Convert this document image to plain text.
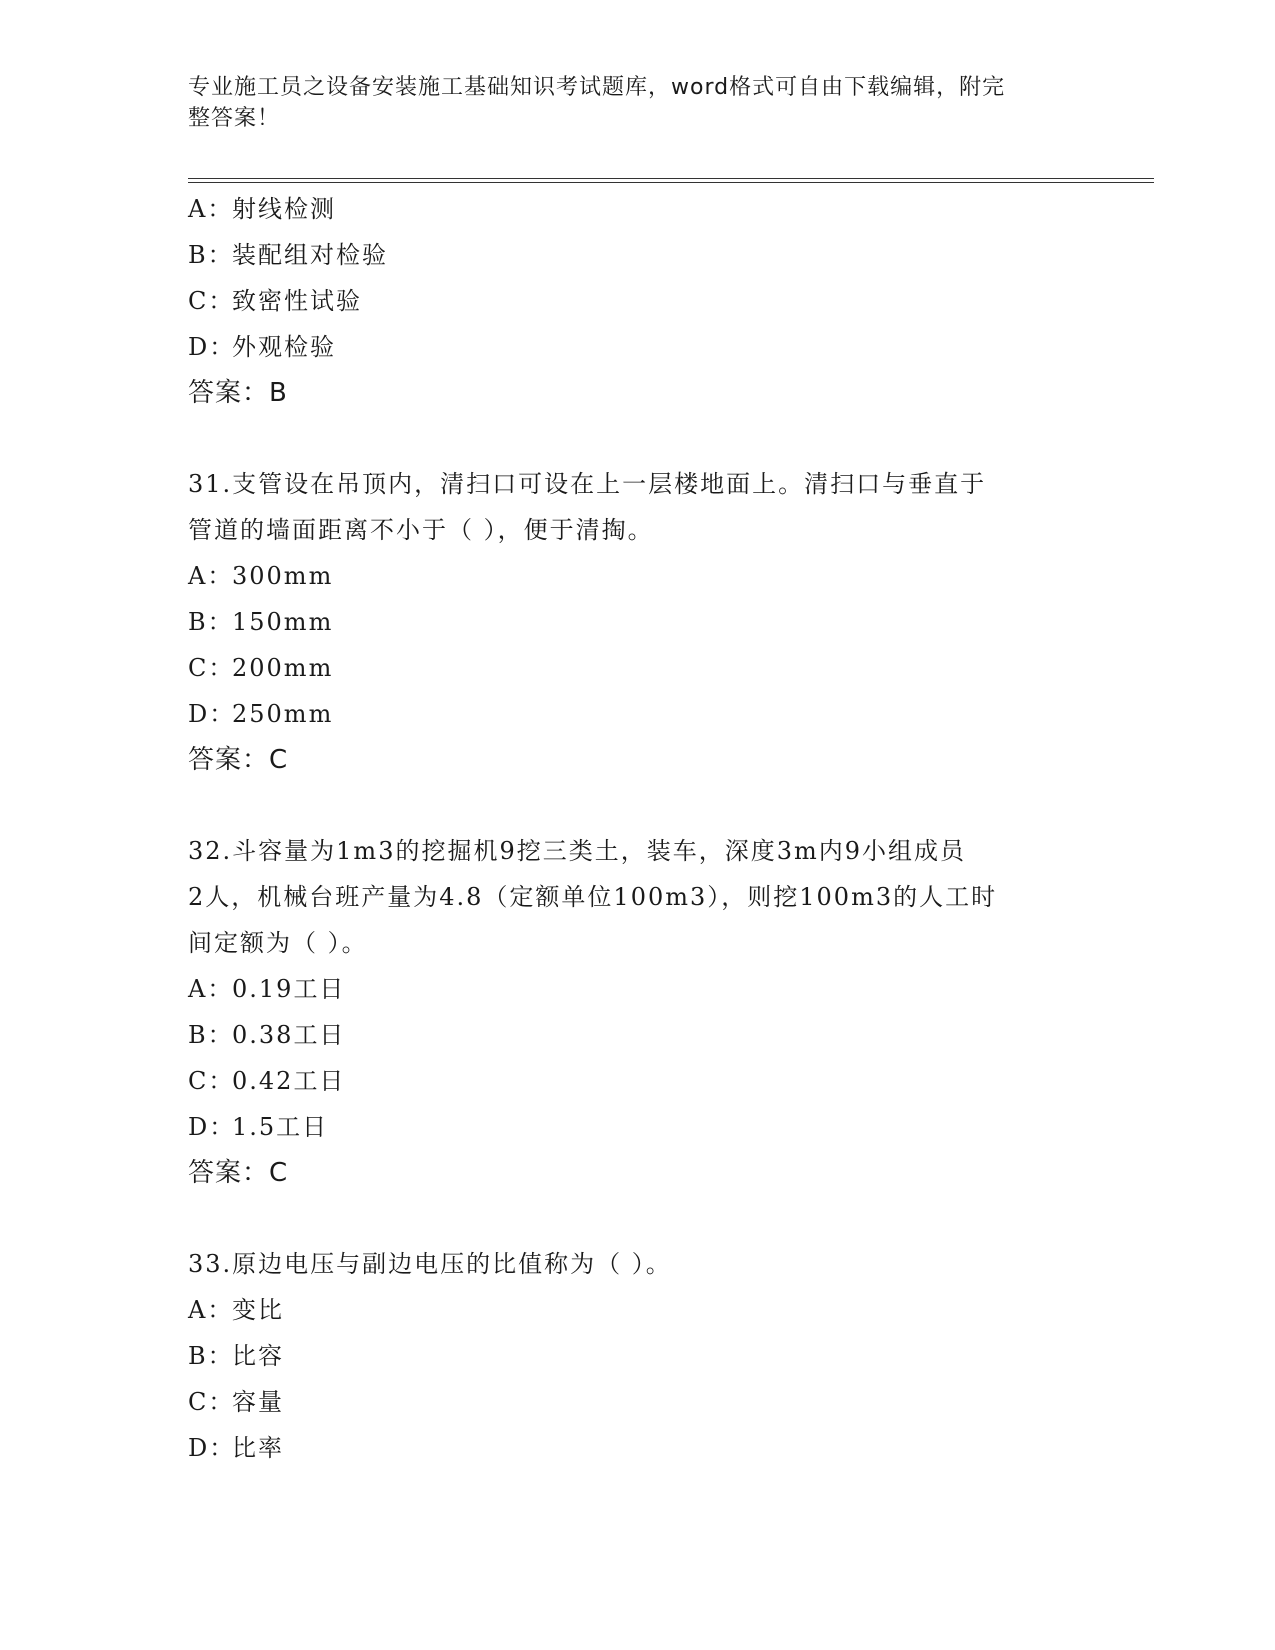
专业施工员之设备安装施工基础知识考试题库，word格式可自由下载编辑，附完
整答案！
A：射线检测
B：装配组对检验
C：致密性试验
D：外观检验
答案：B
31.支管设在吊顶内，清扫口可设在上一层楼地面上。清扫口与垂直于
管道的墙面距离不小于（ ），便于清掏。
A：300mm
B：150mm
C：200mm
D：250mm
答案：C
32.斗容量为1m3的挖掘机9挖三类土，装车，深度3m内9小组成员
2人，机械台班产量为4.8（定额单位100m3），则挖100m3的人工时
间定额为（ ）。
A：0.19工日
B：0.38工日
C：0.42工日
D：1.5工日
答案：C
33.原边电压与副边电压的比值称为（ ）。
A：变比
B：比容
C：容量
D：比率
